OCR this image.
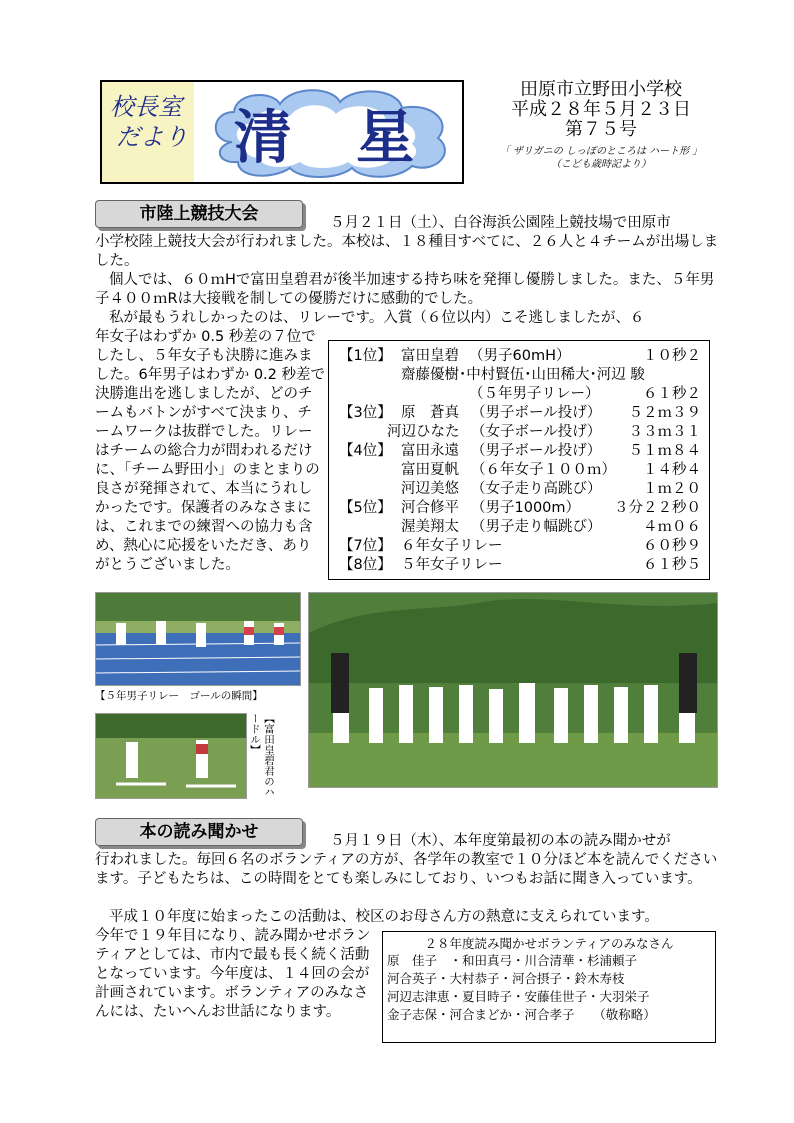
校長室
だより 清 星
田原市立野田小学校
平成２８年５月２３日
第７５号
「 ザリガニの しっぽのところは ハート形 」
（こども歳時記より）
市陸上競技大会	５月２１日（土）、白谷海浜公園陸上競技場で田原市
小学校陸上競技大会が行われました。本校は、１８種目すべてに、２６人と４チームが出場しました。
個人では、６０ｍHで富田皇碧君が後半加速する持ち味を発揮し優勝しました。また、５年男子４００ｍRは大接戦を制しての優勝だけに感動的でした。
私が最もうれしかったのは、リレーです。入賞（６位以内）こそ逃しましたが、６
年女子はわずか 0.5 秒差の７位でしたし、５年女子も決勝に進みました。6年男子はわずか 0.2 秒差で決勝進出を逃しましたが、どのチームもバトンがすべて決まり、チームワークは抜群でした。リレーはチームの総合力が問われるだけに、「チーム野田小」のまとまりの良さが発揮されて、本当にうれしかったです。保護者のみなさまには、これまでの練習への協力も含め、熱心に応援をいただき、ありがとうございました。
【1位】 富田皇碧 （男子60mH）	１０秒２
齋藤優樹･中村賢伍･山田稀大･河辺 駿
（５年男子リレー）	６１秒２
【3位】 原　蒼真 （男子ボール投げ） ５２ｍ３９
河辺ひなた （女子ボール投げ） ３３ｍ３１
【4位】 富田永遠 （男子ボール投げ） ５１ｍ８４
富田夏帆 （６年女子１００ｍ） １４秒４
河辺美悠 （女子走り高跳び）	１ｍ２０
【5位】 河合修平 （男子1000m） ３分２２秒０
渥美翔太 （男子走り幅跳び）	４ｍ０６
【7位】 ６年女子リレー	６０秒９
【8位】 ５年女子リレー	６１秒５
【５年男子リレー　ゴールの瞬間】
【富田皇碧君のハードル】
本の読み聞かせ	５月１９日（木）、本年度第最初の本の読み聞かせが
行われました。毎回６名のボランティアの方が、各学年の教室で１０分ほど本を読んでくださいます。子どもたちは、この時間をとても楽しみにしており、いつもお話に聞き入っています。
平成１０年度に始まったこの活動は、校区のお母さん方の熱意に支えられています。
今年で１９年目になり、読み聞かせボランティアとしては、市内で最も長く続く活動となっています。今年度は、１４回の会が計画されています。ボランティアのみなさんには、たいへんお世話になります。
２８年度読み聞かせボランティアのみなさん
原　佳子　・和田真弓・川合清華・杉浦頼子
河合英子・大村恭子・河合摂子・鈴木寿枝
河辺志津恵・夏目時子・安藤佳世子・大羽栄子
金子志保・河合まどか・河合孝子　　（敬称略）
